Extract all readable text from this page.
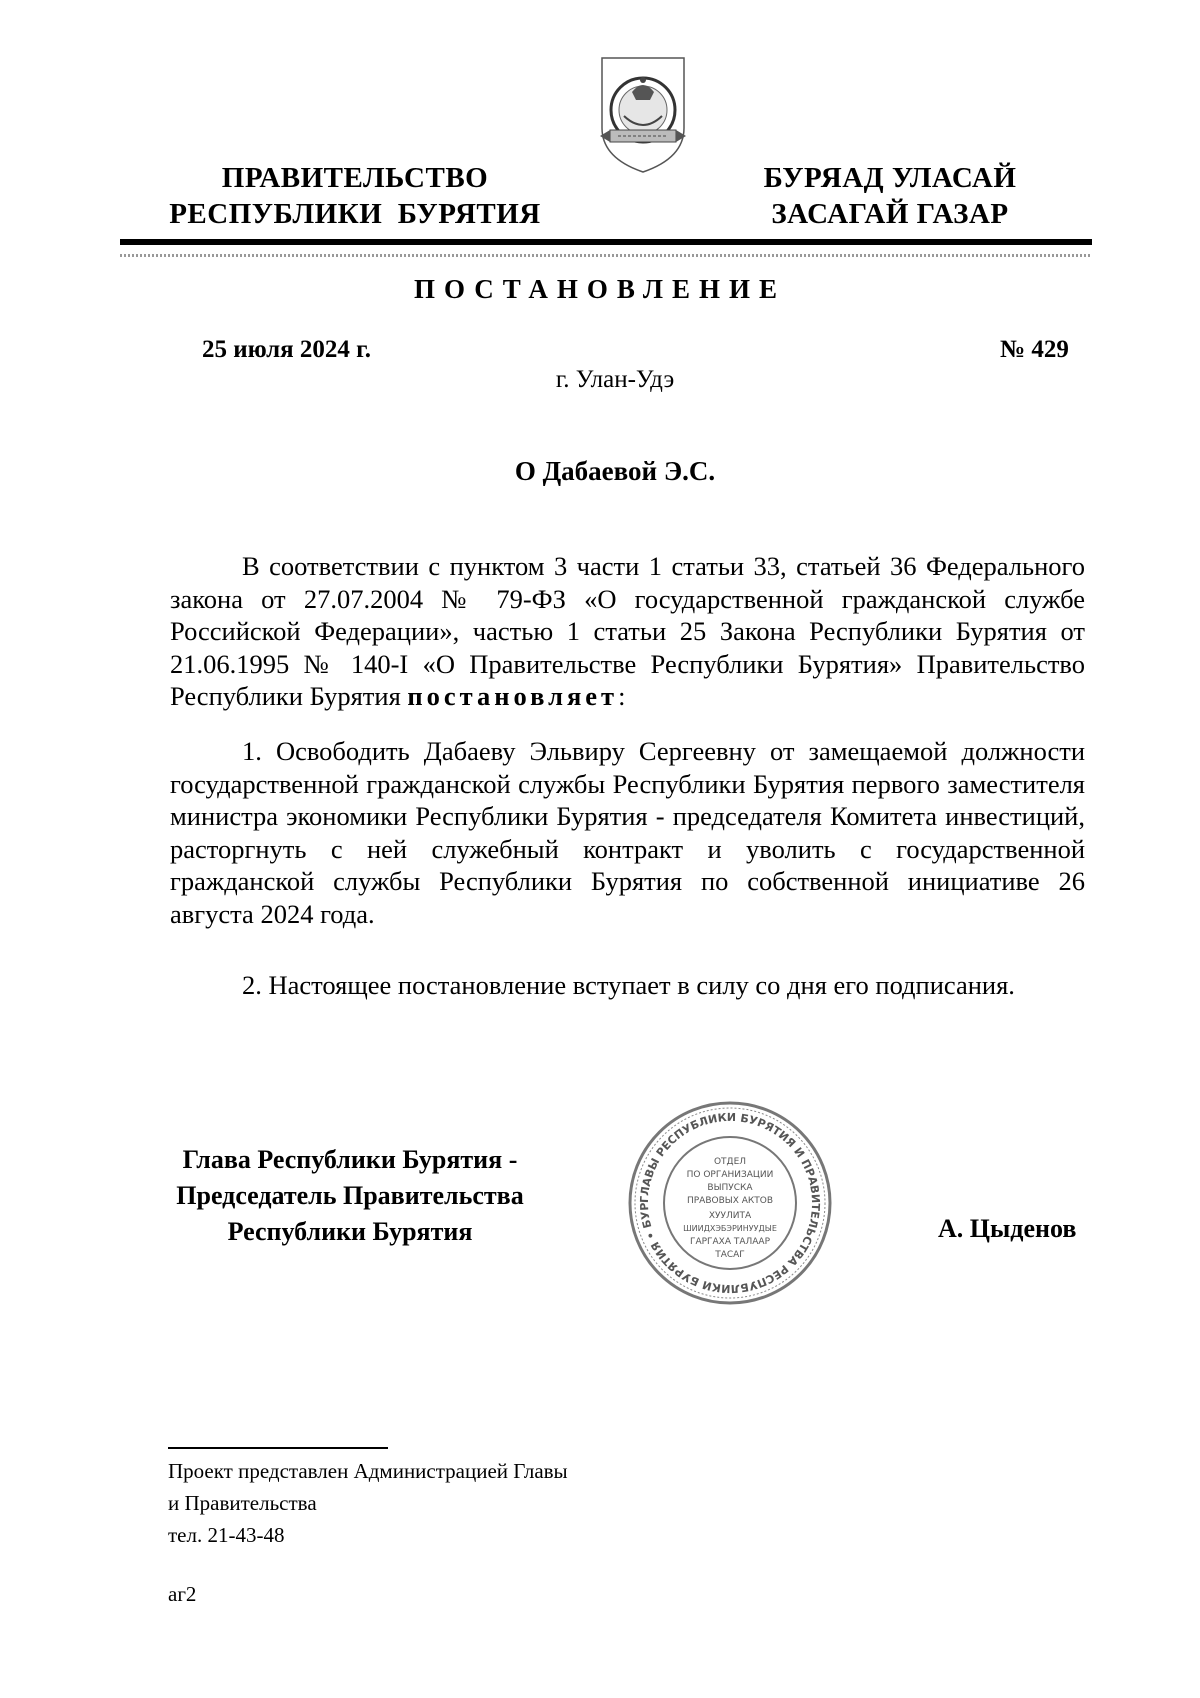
ПРАВИТЕЛЬСТВО
РЕСПУБЛИКИ  БУРЯТИЯ
БУРЯАД УЛАСАЙ
ЗАСАГАЙ ГАЗАР
ПОСТАНОВЛЕНИЕ
25 июля 2024 г.	№ 429
г. Улан-Удэ
О Дабаевой Э.С.
В соответствии с пунктом 3 части 1 статьи 33, статьей 36 Федерального закона от 27.07.2004 № 79-ФЗ «О государственной гражданской службе Российской Федерации», частью 1 статьи 25 Закона Республики Бурятия от 21.06.1995 № 140-I «О Правительстве Республики Бурятия» Правительство Республики Бурятия постановляет:
1. Освободить Дабаеву Эльвиру Сергеевну от замещаемой должности государственной гражданской службы Республики Бурятия первого заместителя министра экономики Республики Бурятия - председателя Комитета инвестиций, расторгнуть с ней служебный контракт и уволить с государственной гражданской службы Республики Бурятия по собственной инициативе 26 августа 2024 года.
2. Настоящее постановление вступает в силу со дня его подписания.
Глава Республики Бурятия -
Председатель Правительства
Республики Бурятия
ГЛАВЫ РЕСПУБЛИКИ БУРЯТИЯ И ПРАВИТЕЛЬСТВА РЕСПУБЛИКИ БУРЯТИЯ • БУР
ОТДЕЛ
ПО ОРГАНИЗАЦИИ
ВЫПУСКА
ПРАВОВЫХ АКТОВ
ХУУЛИТА
ШИИДХЭБЭРИНУУДЫЕ
ГАРГАХА ТАЛААР
ТАСАГ
А. Цыденов
Проект представлен Администрацией Главы
и Правительства
тел. 21-43-48
аг2
